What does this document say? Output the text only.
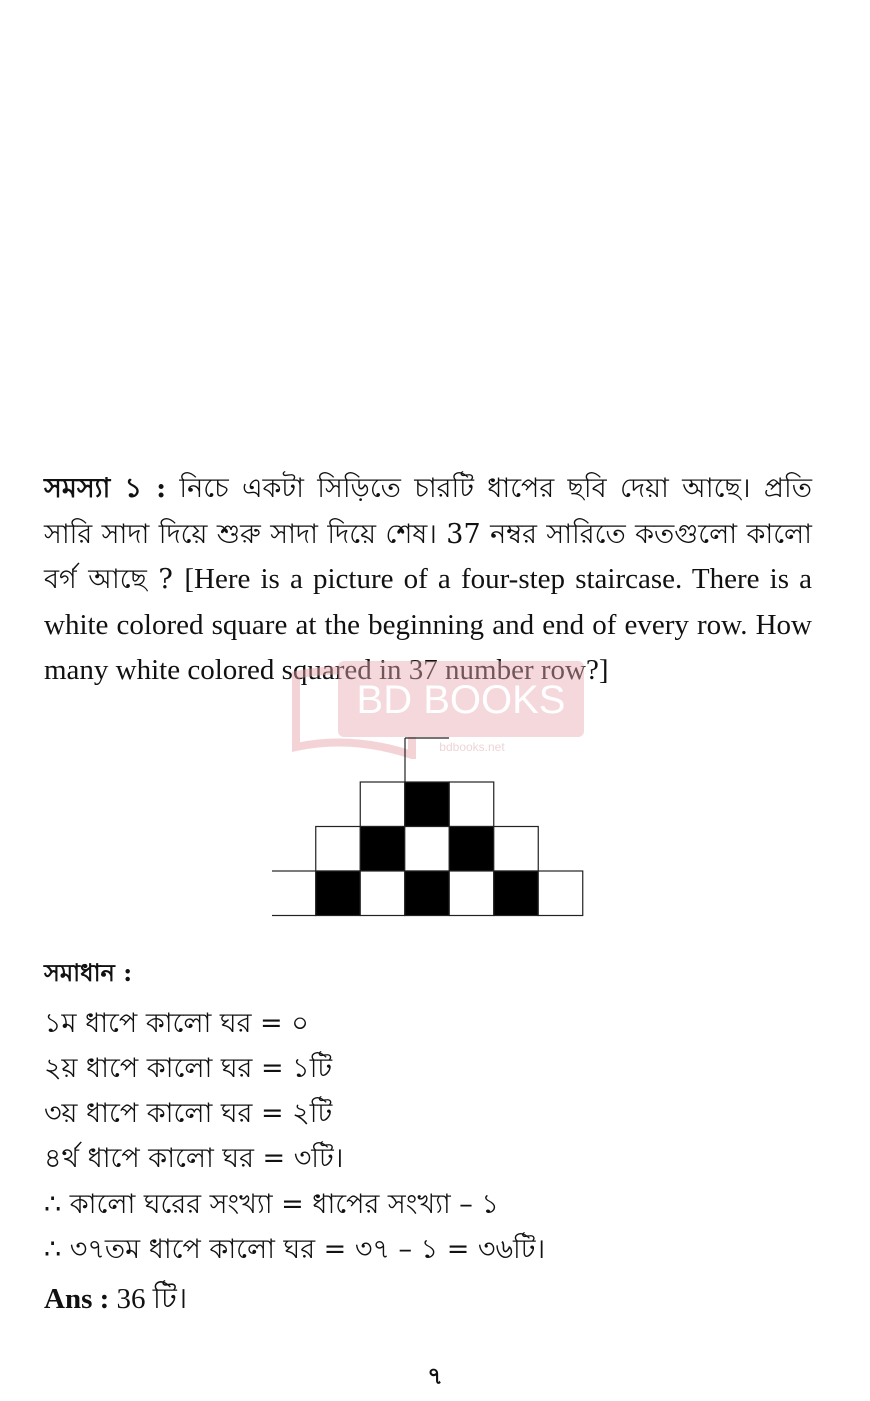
সমস্যা ১ : নিচে একটা সিড়িতে চারটি ধাপের ছবি দেয়া আছে। প্রতি সারি সাদা দিয়ে শুরু সাদা দিয়ে শেষ। 37 নম্বর সারিতে কতগুলো কালো বর্গ আছে ? [Here is a picture of a four-step staircase. There is a white colored square at the beginning and end of every row. How many white colored squared in 37 number row?]
BD BOOKS
bdbooks.net
সমাধান :
১ম ধাপে কালো ঘর = ০
২য় ধাপে কালো ঘর = ১টি
৩য় ধাপে কালো ঘর = ২টি
৪র্থ ধাপে কালো ঘর = ৩টি।
∴ কালো ঘরের সংখ্যা = ধাপের সংখ্যা – ১
∴ ৩৭তম ধাপে কালো ঘর = ৩৭ – ১ = ৩৬টি।
Ans : 36 টি।
৭
